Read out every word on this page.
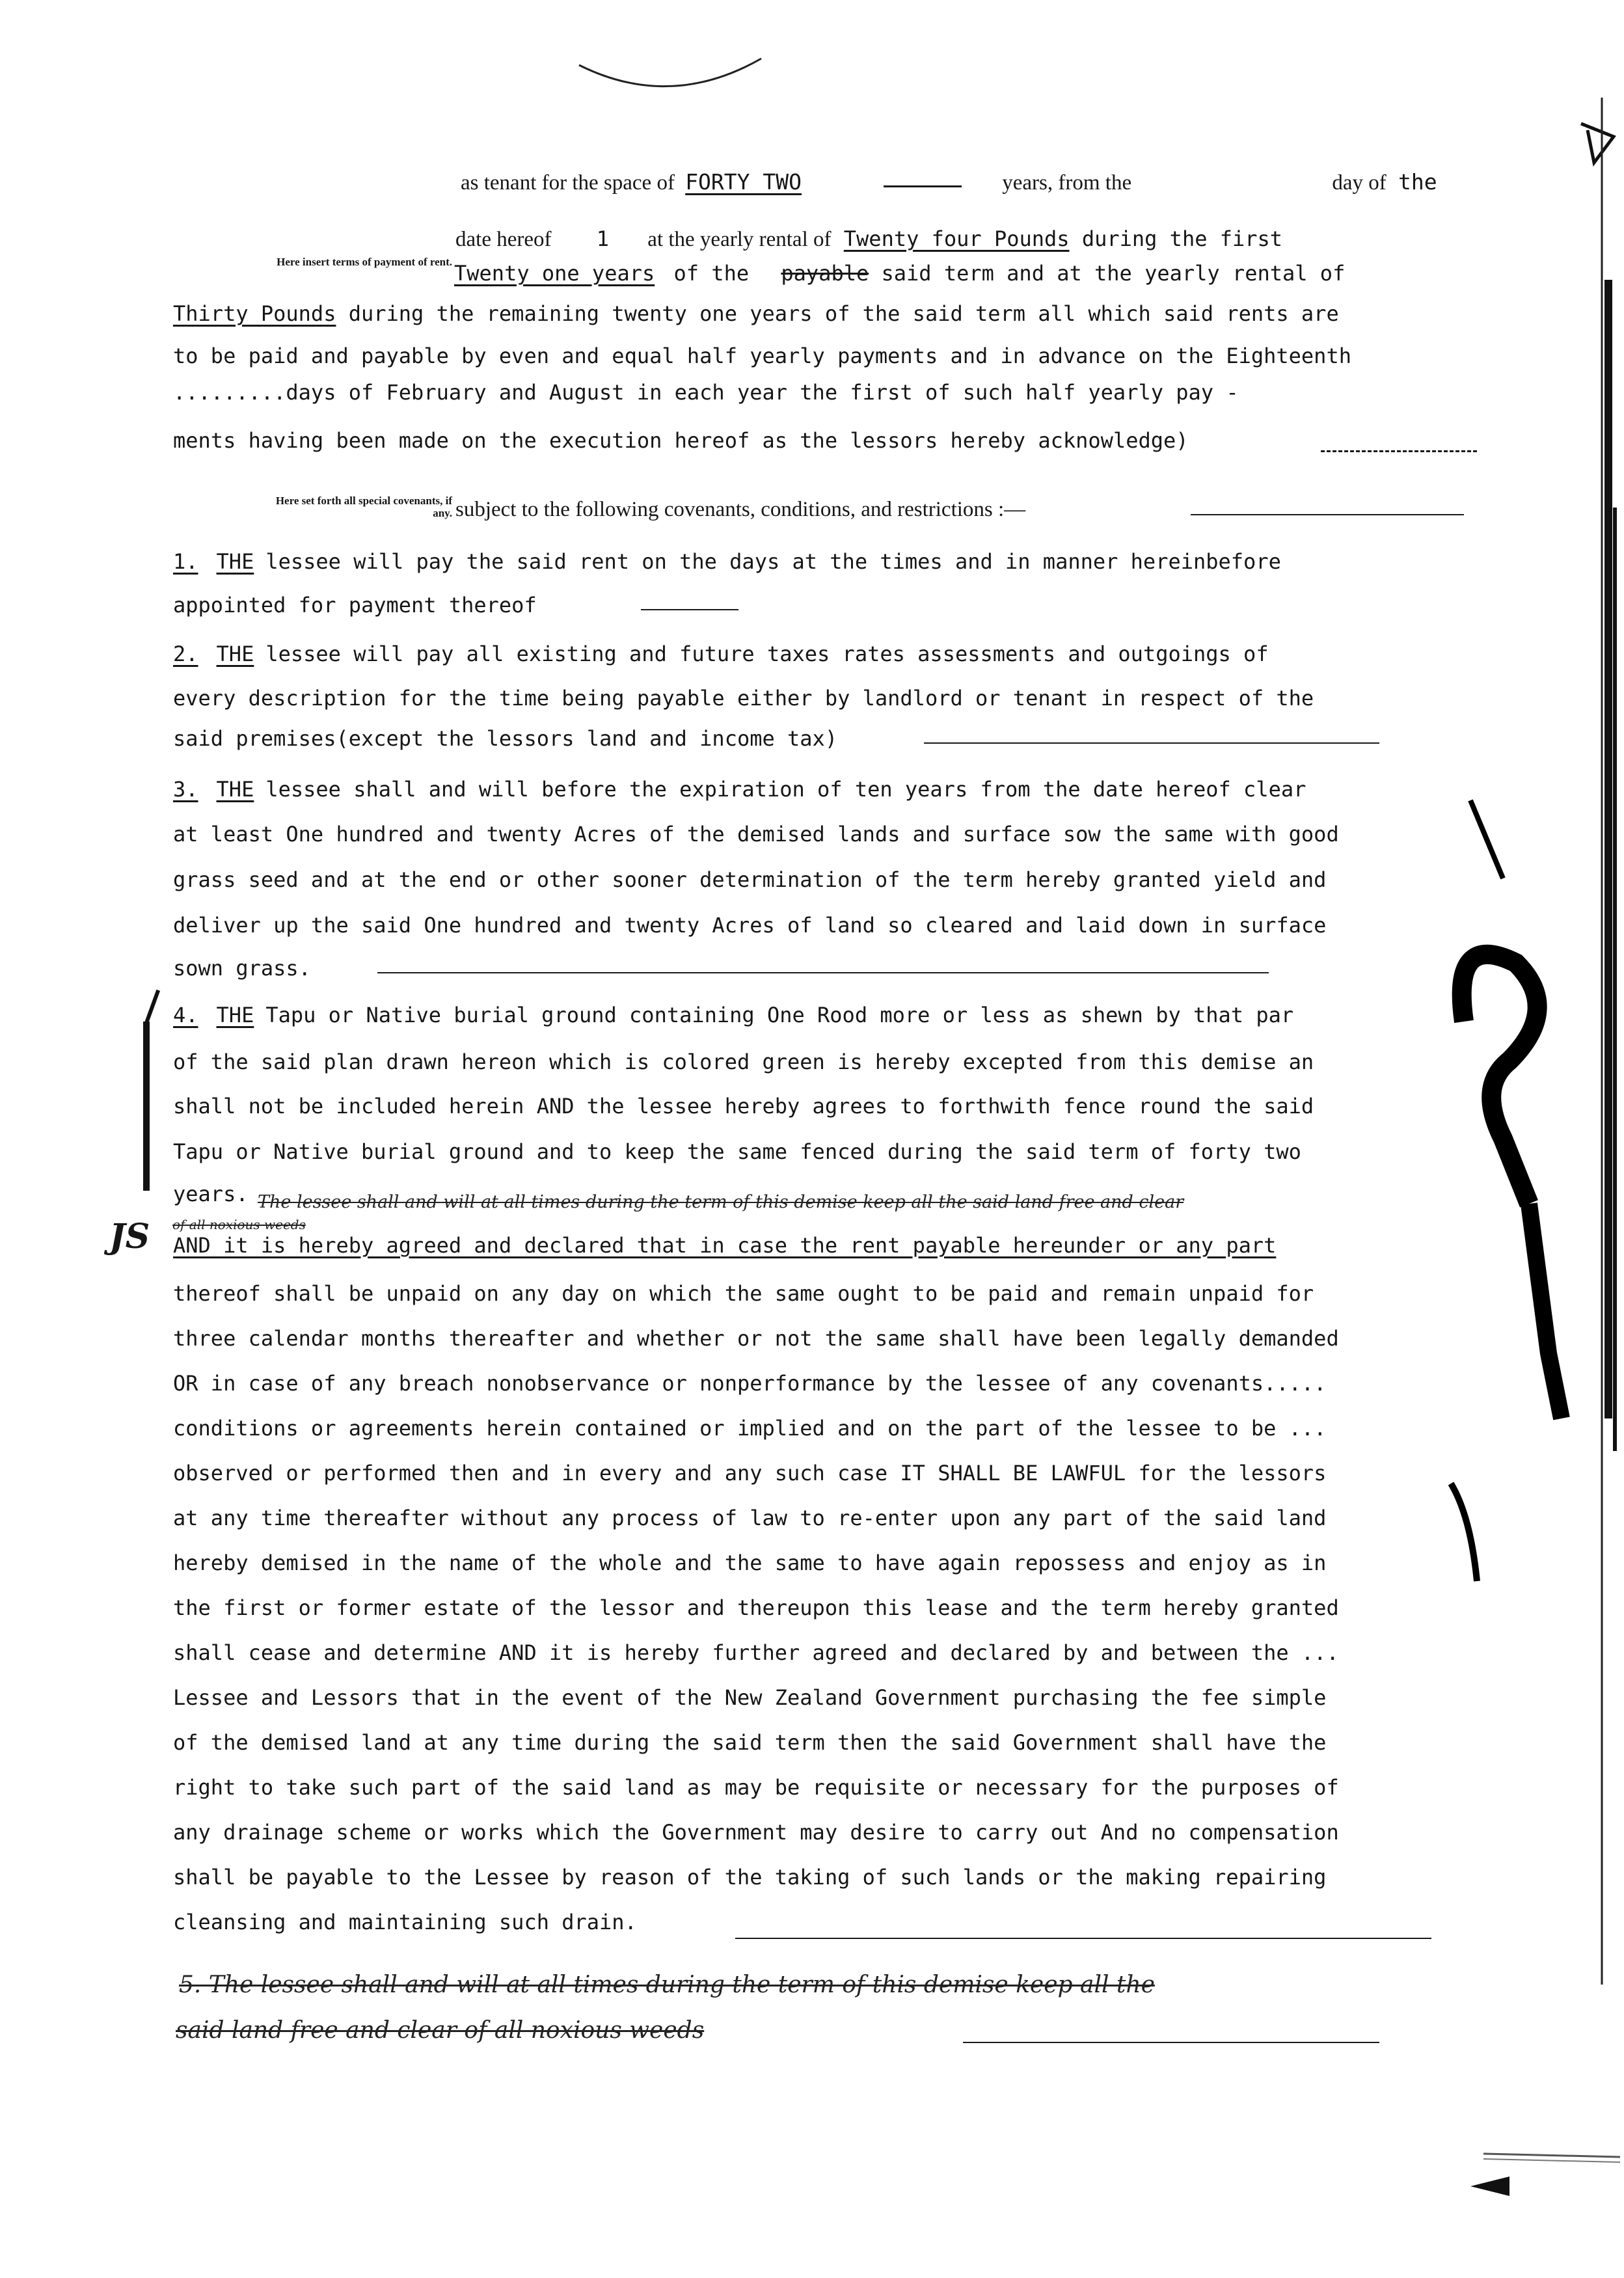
as tenant for the space of FORTY TWO	years, from the	day of the
date hereof 1 at the yearly rental of Twenty four Pounds during the first
Here insert terms of payment of rent. Twenty one years of the payable said term and at the yearly rental of
Thirty Pounds during the remaining twenty one years of the said term all which said rents are
to be paid and payable by even and equal half yearly payments and in advance on the Eighteenth
.........days of February and August in each year the first of such half yearly pay -
ments having been made on the execution hereof as the lessors hereby acknowledge)
Here set forth all special covenants, if any. subject to the following covenants, conditions, and restrictions :—
1. THE lessee will pay the said rent on the days at the times and in manner hereinbefore
appointed for payment thereof
2. THE lessee will pay all existing and future taxes rates assessments and outgoings of
every description for the time being payable either by landlord or tenant in respect of the
said premises(except the lessors land and income tax)
3. THE lessee shall and will before the expiration of ten years from the date hereof clear
at least One hundred and twenty Acres of the demised lands and surface sow the same with good
grass seed and at the end or other sooner determination of the term hereby granted yield and
deliver up the said One hundred and twenty Acres of land so cleared and laid down in surface
sown grass.
4. THE Tapu or Native burial ground containing One Rood more or less as shewn by that par
of the said plan drawn hereon which is colored green is hereby excepted from this demise an
shall not be included herein AND the lessee hereby agrees to forthwith fence round the said
Tapu or Native burial ground and to keep the same fenced during the said term of forty two
years. The lessee shall and will at all times during the term of this demise keep all the said land free and clear
of all noxious weeds
JS AND it is hereby agreed and declared that in case the rent payable hereunder or any part
thereof shall be unpaid on any day on which the same ought to be paid and remain unpaid for
three calendar months thereafter and whether or not the same shall have been legally demanded
OR in case of any breach nonobservance or nonperformance by the lessee of any covenants.....
conditions or agreements herein contained or implied and on the part of the lessee to be ...
observed or performed then and in every and any such case IT SHALL BE LAWFUL for the lessors
at any time thereafter without any process of law to re-enter upon any part of the said land
hereby demised in the name of the whole and the same to have again repossess and enjoy as in
the first or former estate of the lessor and thereupon this lease and the term hereby granted
shall cease and determine AND it is hereby further agreed and declared by and between the ...
Lessee and Lessors that in the event of the New Zealand Government purchasing the fee simple
of the demised land at any time during the said term then the said Government shall have the
right to take such part of the said land as may be requisite or necessary for the purposes of
any drainage scheme or works which the Government may desire to carry out And no compensation
shall be payable to the Lessee by reason of the taking of such lands or the making repairing
cleansing and maintaining such drain.
5. The lessee shall and will at all times during the term of this demise keep all the
said land free and clear of all noxious weeds
